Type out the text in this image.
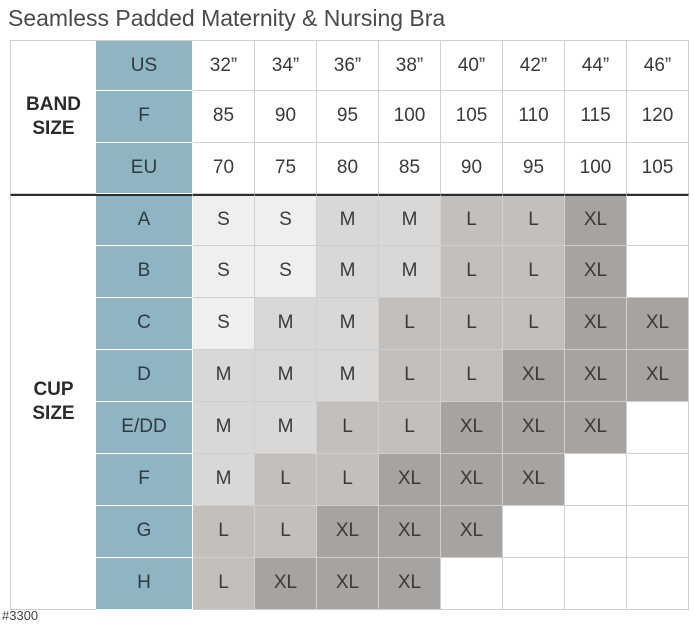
Seamless Padded Maternity & Nursing Bra
BAND
SIZE
CUP
SIZE
US	32”	34”	36”	38”	40”	42”	44”	46”
F	85	90	95	100	105	110	115	120
EU	70	75	80	85	90	95	100	105
A	S	S	M	M	L	L	XL
B	S	S	M	M	L	L	XL
C	S	M	M	L	L	L	XL	XL
D	M	M	M	L	L	XL	XL	XL
E/DD	M	M	L	L	XL	XL	XL
F	M	L	L	XL	XL	XL
G	L	L	XL	XL	XL
H	L	XL	XL	XL
#3300
